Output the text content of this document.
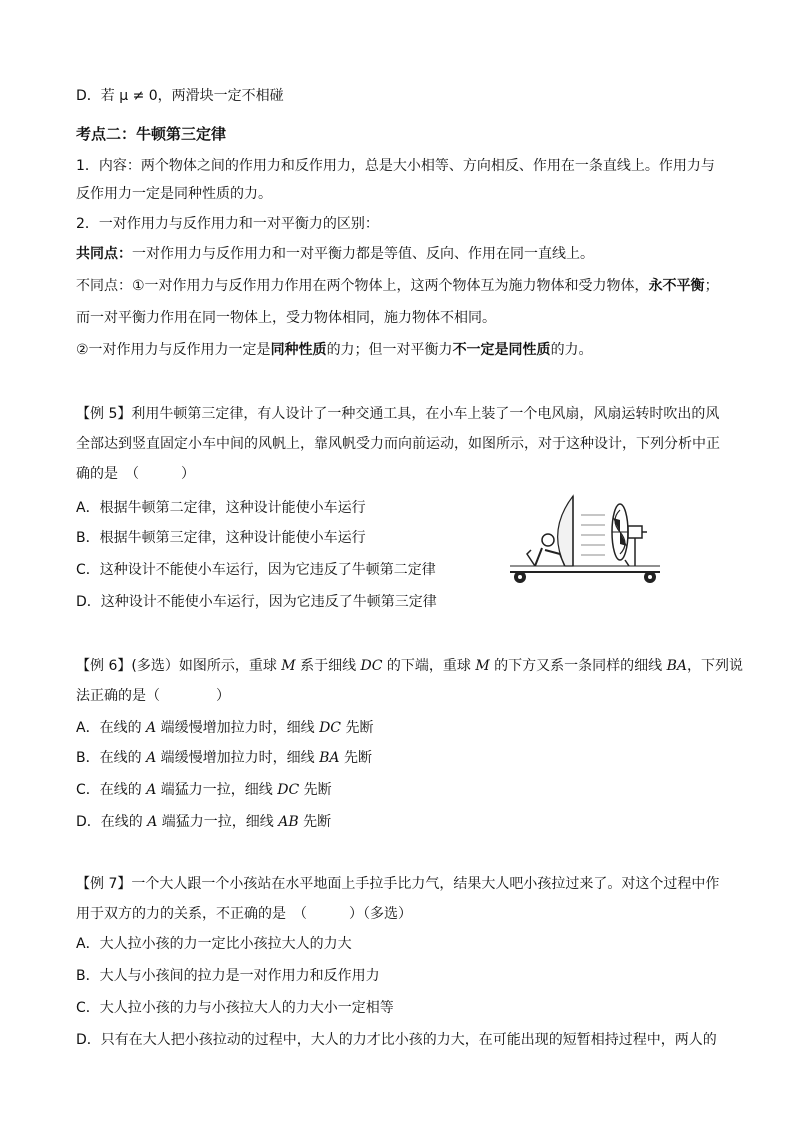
D．若 μ ≠ 0，两滑块一定不相碰
考点二：牛顿第三定律
1．内容：两个物体之间的作用力和反作用力，总是大小相等、方向相反、作用在一条直线上。作用力与
反作用力一定是同种性质的力。
2．一对作用力与反作用力和一对平衡力的区别：
共同点：一对作用力与反作用力和一对平衡力都是等值、反向、作用在同一直线上。
不同点：①一对作用力与反作用力作用在两个物体上，这两个物体互为施力物体和受力物体，永不平衡；
而一对平衡力作用在同一物体上，受力物体相同，施力物体不相同。
②一对作用力与反作用力一定是同种性质的力；但一对平衡力不一定是同性质的力。
【例 5】利用牛顿第三定律，有人设计了一种交通工具，在小车上装了一个电风扇，风扇运转时吹出的风
全部达到竖直固定小车中间的风帆上，靠风帆受力而向前运动，如图所示，对于这种设计，下列分析中正
确的是　（　　　）
A．根据牛顿第二定律，这种设计能使小车运行
B．根据牛顿第三定律，这种设计能使小车运行
C．这种设计不能使小车运行，因为它违反了牛顿第二定律
D．这种设计不能使小车运行，因为它违反了牛顿第三定律
【例 6】(多选）如图所示，重球 M 系于细线 DC 的下端，重球 M 的下方又系一条同样的细线 BA，下列说
法正确的是（　　　　）
A．在线的 A 端缓慢增加拉力时，细线 DC 先断
B．在线的 A 端缓慢增加拉力时，细线 BA 先断
C．在线的 A 端猛力一拉，细线 DC 先断
D．在线的 A 端猛力一拉，细线 AB 先断
【例 7】一个大人跟一个小孩站在水平地面上手拉手比力气，结果大人吧小孩拉过来了。对这个过程中作
用于双方的力的关系，不正确的是　（　　　）（多选）
A．大人拉小孩的力一定比小孩拉大人的力大
B．大人与小孩间的拉力是一对作用力和反作用力
C．大人拉小孩的力与小孩拉大人的力大小一定相等
D．只有在大人把小孩拉动的过程中，大人的力才比小孩的力大，在可能出现的短暂相持过程中，两人的
